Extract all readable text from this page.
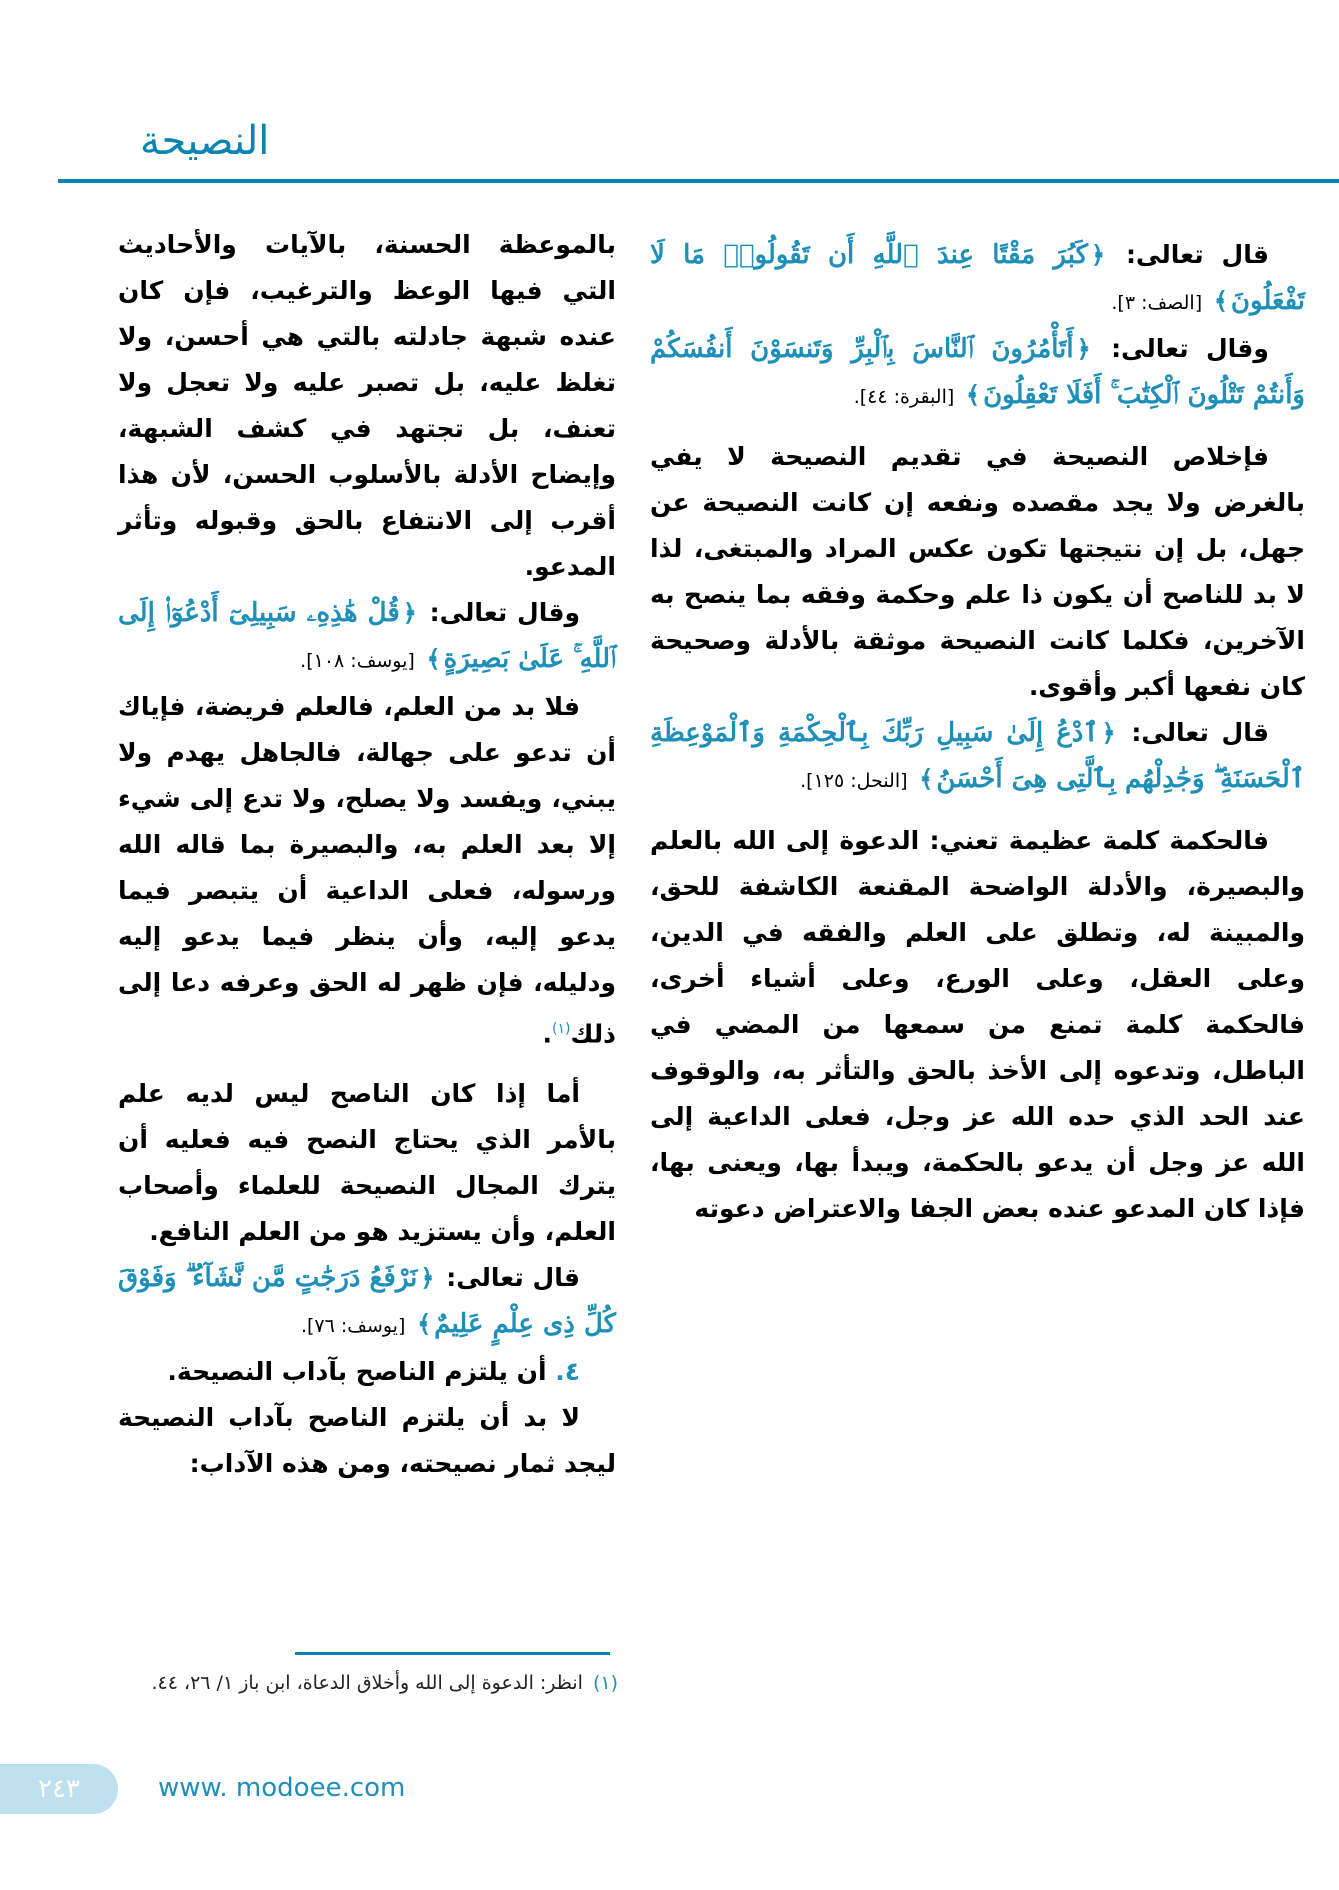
النصيحة

قال تعالى: ﴿كَبُرَ مَقْتًا عِندَ ٱللَّهِ أَن تَقُولُوا۟ مَا لَا تَفْعَلُونَ﴾ [الصف: ٣].

وقال تعالى: ﴿أَتَأْمُرُونَ ٱلنَّاسَ بِٱلْبِرِّ وَتَنسَوْنَ أَنفُسَكُمْ وَأَنتُمْ تَتْلُونَ ٱلْكِتَٰبَ ۚ أَفَلَا تَعْقِلُونَ﴾ [البقرة: ٤٤].

فإخلاص النصيحة في تقديم النصيحة لا يفي بالغرض ولا يجد مقصده ونفعه إن كانت النصيحة عن جهل، بل إن نتيجتها تكون عكس المراد والمبتغى، لذا لا بد للناصح أن يكون ذا علم وحكمة وفقه بما ينصح به الآخرين، فكلما كانت النصيحة موثقة بالأدلة وصحيحة كان نفعها أكبر وأقوى.

قال تعالى: ﴿ٱدْعُ إِلَىٰ سَبِيلِ رَبِّكَ بِٱلْحِكْمَةِ وَٱلْمَوْعِظَةِ ٱلْحَسَنَةِ ۖ وَجَٰدِلْهُم بِٱلَّتِى هِىَ أَحْسَنُ﴾ [النحل: ١٢٥].

فالحكمة كلمة عظيمة تعني: الدعوة إلى الله بالعلم والبصيرة، والأدلة الواضحة المقنعة الكاشفة للحق، والمبينة له، وتطلق على العلم والفقه في الدين، وعلى العقل، وعلى الورع، وعلى أشياء أخرى، فالحكمة كلمة تمنع من سمعها من المضي في الباطل، وتدعوه إلى الأخذ بالحق والتأثر به، والوقوف عند الحد الذي حده الله عز وجل، فعلى الداعية إلى الله عز وجل أن يدعو بالحكمة، ويبدأ بها، ويعنى بها، فإذا كان المدعو عنده بعض الجفا والاعتراض دعوته

بالموعظة الحسنة، بالآيات والأحاديث التي فيها الوعظ والترغيب، فإن كان عنده شبهة جادلته بالتي هي أحسن، ولا تغلظ عليه، بل تصبر عليه ولا تعجل ولا تعنف، بل تجتهد في كشف الشبهة، وإيضاح الأدلة بالأسلوب الحسن، لأن هذا أقرب إلى الانتفاع بالحق وقبوله وتأثر المدعو.

وقال تعالى: ﴿قُلْ هَٰذِهِۦ سَبِيلِىٓ أَدْعُوٓا۟ إِلَى ٱللَّهِ ۚ عَلَىٰ بَصِيرَةٍ﴾ [يوسف: ١٠٨].

فلا بد من العلم، فالعلم فريضة، فإياك أن تدعو على جهالة، فالجاهل يهدم ولا يبني، ويفسد ولا يصلح، ولا تدع إلى شيء إلا بعد العلم به، والبصيرة بما قاله الله ورسوله، فعلى الداعية أن يتبصر فيما يدعو إليه، وأن ينظر فيما يدعو إليه ودليله، فإن ظهر له الحق وعرفه دعا إلى ذلك$^{(١)}$.

أما إذا كان الناصح ليس لديه علم بالأمر الذي يحتاج النصح فيه فعليه أن يترك المجال النصيحة للعلماء وأصحاب العلم، وأن يستزيد هو من العلم النافع.

قال تعالى: ﴿نَرْفَعُ دَرَجَٰتٍ مَّن نَّشَآءُ ۗ وَفَوْقَ كُلِّ ذِى عِلْمٍ عَلِيمٌ﴾ [يوسف: ٧٦].

٤. أن يلتزم الناصح بآداب النصيحة.

لا بد أن يلتزم الناصح بآداب النصيحة ليجد ثمار نصيحته، ومن هذه الآداب:

(١)انظر: الدعوة إلى الله وأخلاق الدعاة، ابن باز ١/ ٢٦، ٤٤.
٢٤٣	www. modoee.com
